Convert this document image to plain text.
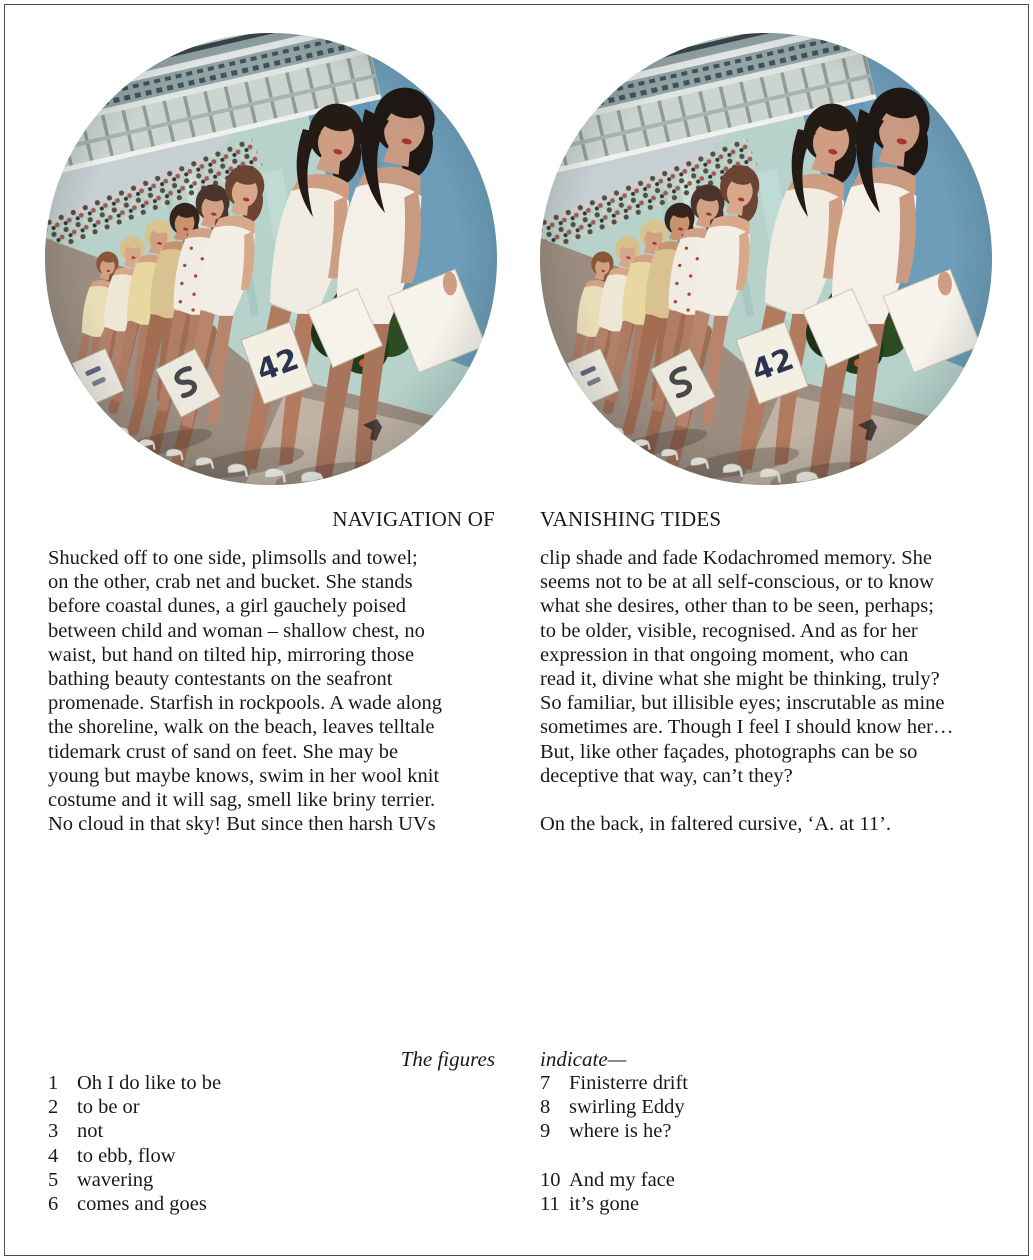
NAVIGATION OF VANISHING TIDES
Shucked off to one side, plimsolls and towel;
on the other, crab net and bucket. She stands
before coastal dunes, a girl gauchely poised
between child and woman – shallow chest, no
waist, but hand on tilted hip, mirroring those
bathing beauty contestants on the seafront
promenade. Starfish in rockpools. A wade along
the shoreline, walk on the beach, leaves telltale
tidemark crust of sand on feet. She may be
young but maybe knows, swim in her wool knit
costume and it will sag, smell like briny terrier.
No cloud in that sky! But since then harsh UVs
clip shade and fade Kodachromed memory. She
seems not to be at all self-conscious, or to know
what she desires, other than to be seen, perhaps;
to be older, visible, recognised. And as for her
expression in that ongoing moment, who can
read it, divine what she might be thinking, truly?
So familiar, but illisible eyes; inscrutable as mine
sometimes are. Though I feel I should know her…
But, like other façades, photographs can be so
deceptive that way, can’t they?
On the back, in faltered cursive, ‘A. at 11’.
The figures indicate—
1 Oh I do like to be
2 to be or
3 not
4 to ebb, flow
5 wavering
6 comes and goes
7 Finisterre drift
8 swirling Eddy
9 where is he?
10 And my face
11 it’s gone
